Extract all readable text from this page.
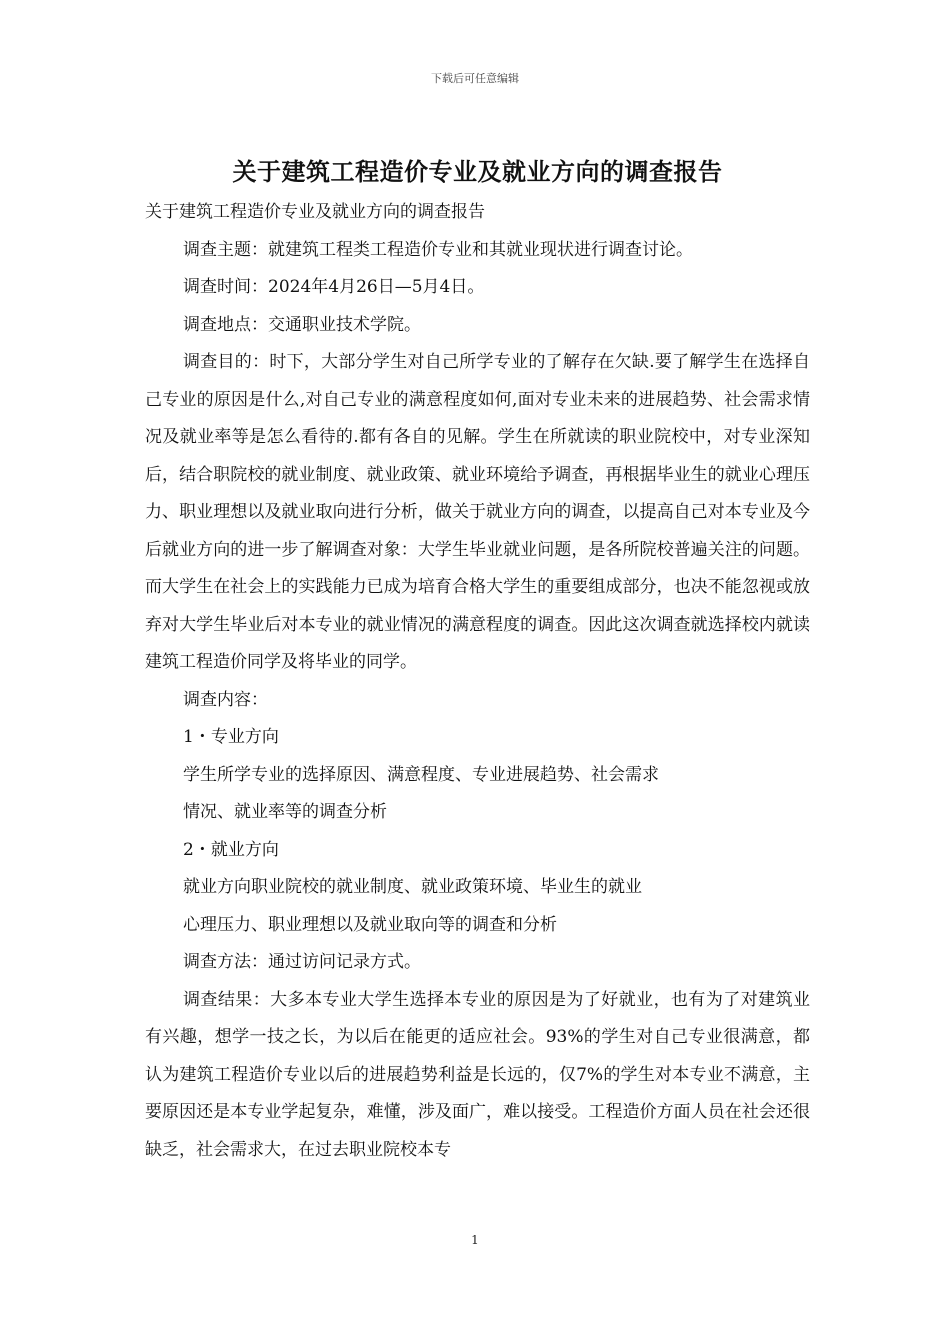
下载后可任意编辑
关于建筑工程造价专业及就业方向的调查报告

关于建筑工程造价专业及就业方向的调查报告

调查主题：就建筑工程类工程造价专业和其就业现状进行调查讨论。

调查时间：2024年4月26日—5月4日。

调查地点：交通职业技术学院。

调查目的：时下，大部分学生对自己所学专业的了解存在欠缺.要了解学生在选择自己专业的原因是什么,对自己专业的满意程度如何,面对专业未来的进展趋势、社会需求情况及就业率等是怎么看待的.都有各自的见解。学生在所就读的职业院校中，对专业深知后，结合职院校的就业制度、就业政策、就业环境给予调查，再根据毕业生的就业心理压力、职业理想以及就业取向进行分析，做关于就业方向的调查，以提高自己对本专业及今后就业方向的进一步了解调查对象：大学生毕业就业问题，是各所院校普遍关注的问题。而大学生在社会上的实践能力已成为培育合格大学生的重要组成部分，也决不能忽视或放弃对大学生毕业后对本专业的就业情况的满意程度的调查。因此这次调查就选择校内就读建筑工程造价同学及将毕业的同学。

调查内容：

1・专业方向

学生所学专业的选择原因、满意程度、专业进展趋势、社会需求

情况、就业率等的调查分析

2・就业方向

就业方向职业院校的就业制度、就业政策环境、毕业生的就业

心理压力、职业理想以及就业取向等的调查和分析

调查方法：通过访问记录方式。

调查结果：大多本专业大学生选择本专业的原因是为了好就业，也有为了对建筑业有兴趣，想学一技之长，为以后在能更的适应社会。93%的学生对自己专业很满意，都认为建筑工程造价专业以后的进展趋势利益是长远的，仅7%的学生对本专业不满意，主要原因还是本专业学起复杂，难懂，涉及面广，难以接受。工程造价方面人员在社会还很缺乏，社会需求大，在过去职业院校本专

1
